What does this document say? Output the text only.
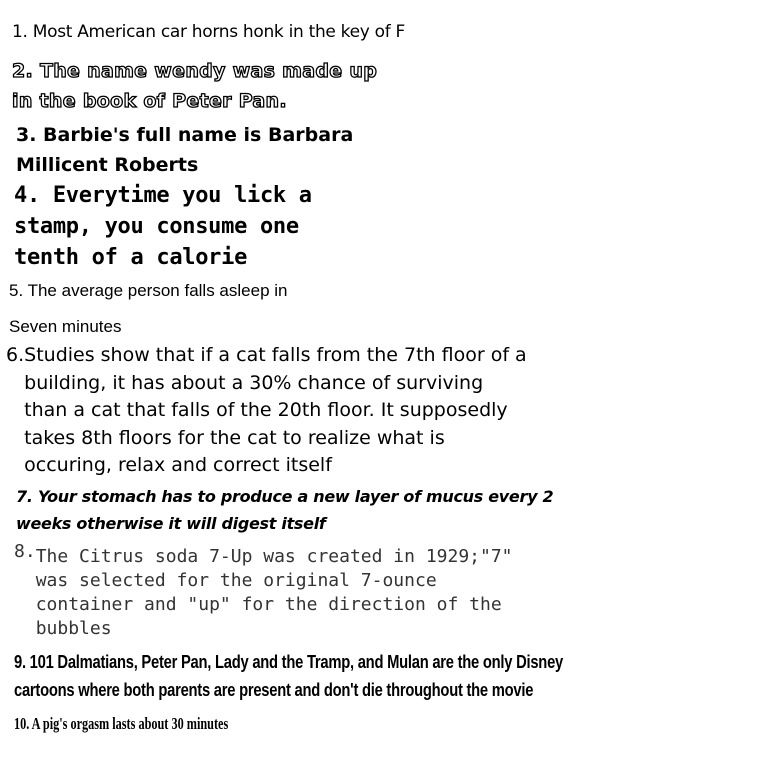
1. Most American car horns honk in the key of F
2. The name wendy was made up
in the book of Peter Pan.
3. Barbie's full name is Barbara
Millicent Roberts
4. Everytime you lick a
stamp, you consume one
tenth of a calorie
5. The average person falls asleep in
Seven minutes
6. Studies show that if a cat falls from the 7th floor of a
building, it has about a 30% chance of surviving
than a cat that falls of the 20th floor. It supposedly
takes 8th floors for the cat to realize what is
occuring, relax and correct itself
7. Your stomach has to produce a new layer of mucus every 2
weeks otherwise it will digest itself
8. The Citrus soda 7-Up was created in 1929;"7"
was selected for the original 7-ounce
container and "up" for the direction of the
bubbles
9. 101 Dalmatians, Peter Pan, Lady and the Tramp, and Mulan are the only Disney
cartoons where both parents are present and don't die throughout the movie
10. A pig's orgasm lasts about 30 minutes
